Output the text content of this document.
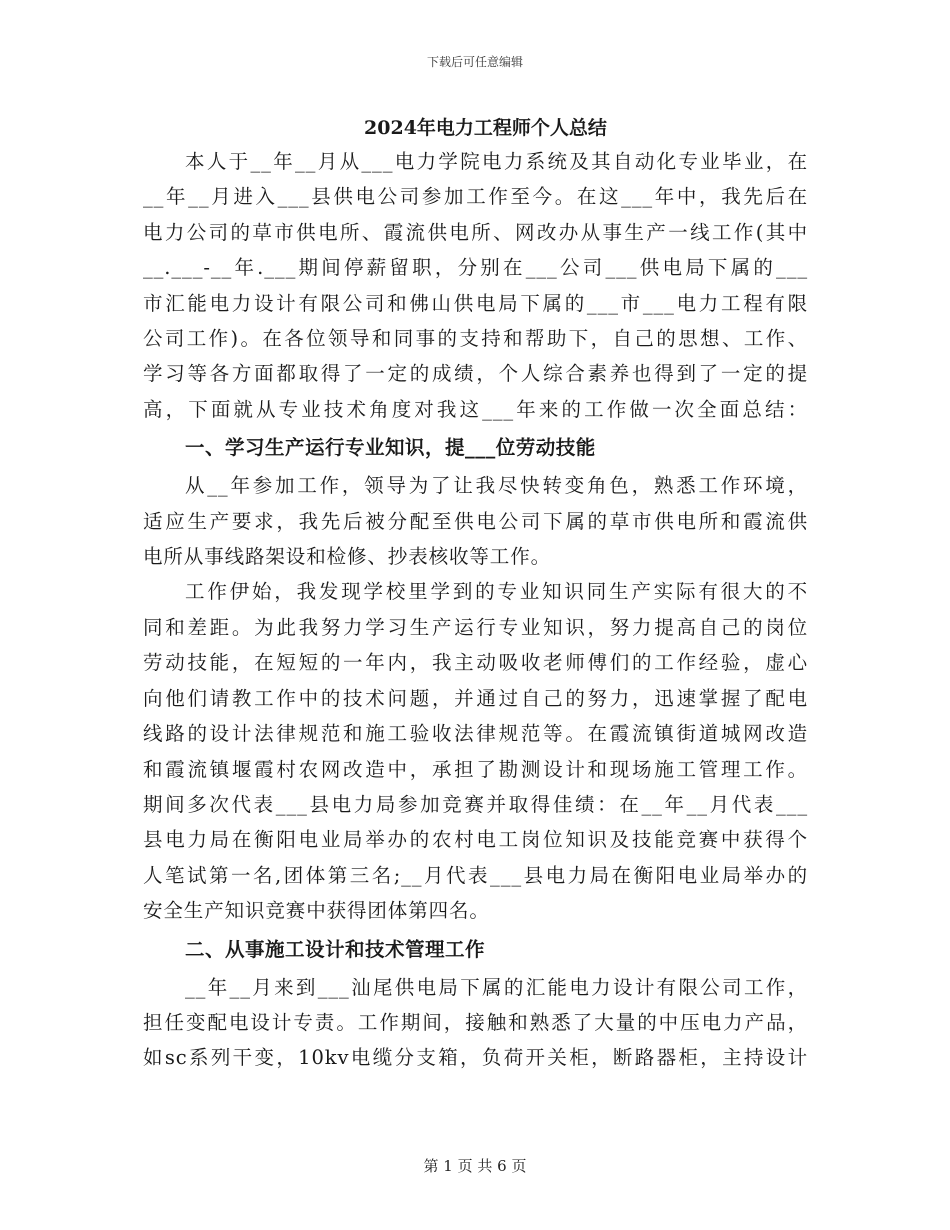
下载后可任意编辑
2024年电力工程师个人总结
本人于__年__月从___电力学院电力系统及其自动化专业毕业，在
__年__月进入___县供电公司参加工作至今。在这___年中，我先后在
电力公司的草市供电所、霞流供电所、网改办从事生产一线工作(其中
__.___-__年.___期间停薪留职，分别在___公司___供电局下属的___
市汇能电力设计有限公司和佛山供电局下属的___市___电力工程有限
公司工作)。在各位领导和同事的支持和帮助下，自己的思想、工作、
学习等各方面都取得了一定的成绩，个人综合素养也得到了一定的提
高，下面就从专业技术角度对我这___年来的工作做一次全面总结：
一、学习生产运行专业知识，提___位劳动技能
从__年参加工作，领导为了让我尽快转变角色，熟悉工作环境，
适应生产要求，我先后被分配至供电公司下属的草市供电所和霞流供
电所从事线路架设和检修、抄表核收等工作。
工作伊始，我发现学校里学到的专业知识同生产实际有很大的不
同和差距。为此我努力学习生产运行专业知识，努力提高自己的岗位
劳动技能，在短短的一年内，我主动吸收老师傅们的工作经验，虚心
向他们请教工作中的技术问题，并通过自己的努力，迅速掌握了配电
线路的设计法律规范和施工验收法律规范等。在霞流镇街道城网改造
和霞流镇堰霞村农网改造中，承担了勘测设计和现场施工管理工作。
期间多次代表___县电力局参加竞赛并取得佳绩：在__年__月代表___
县电力局在衡阳电业局举办的农村电工岗位知识及技能竞赛中获得个
人笔试第一名,团体第三名;__月代表___县电力局在衡阳电业局举办的
安全生产知识竞赛中获得团体第四名。
二、从事施工设计和技术管理工作
__年__月来到___汕尾供电局下属的汇能电力设计有限公司工作，
担任变配电设计专责。工作期间，接触和熟悉了大量的中压电力产品，
如sc系列干变，10kv电缆分支箱，负荷开关柜，断路器柜，主持设计
第 1 页 共 6 页
